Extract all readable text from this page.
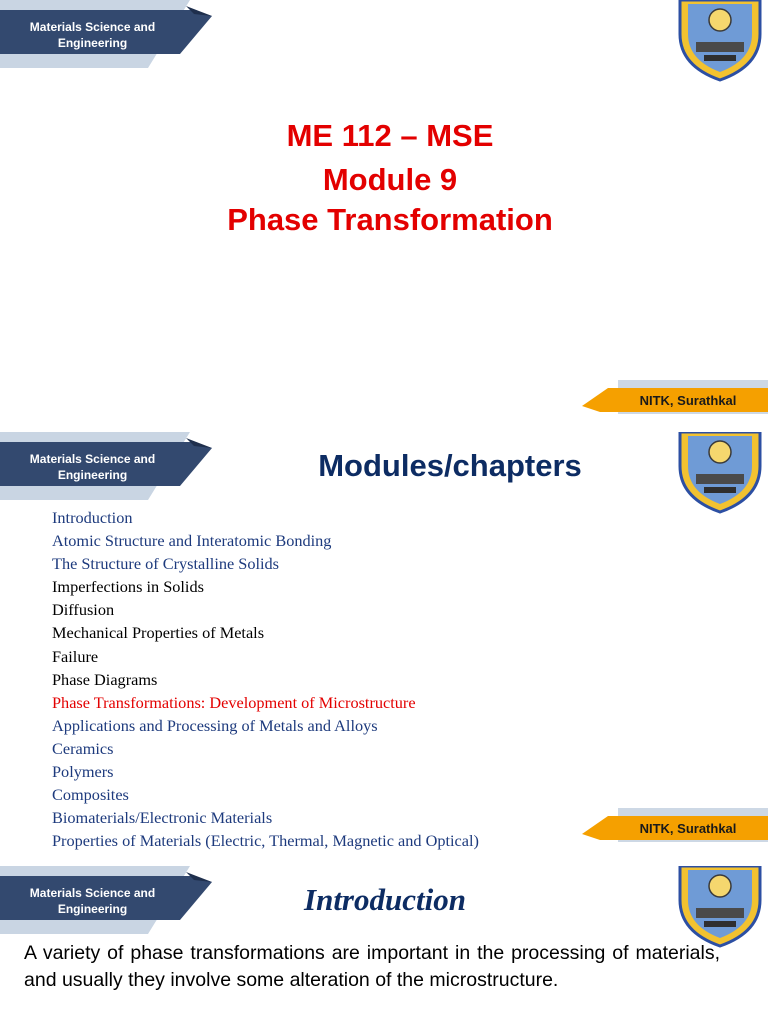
Materials Science and Engineering
ME 112 – MSE
Module 9
Phase Transformation
NITK, Surathkal
Materials Science and Engineering	Modules/chapters
Introduction
Atomic Structure and Interatomic Bonding
The Structure of Crystalline Solids
Imperfections in Solids
Diffusion
Mechanical Properties of Metals
Failure
Phase Diagrams
Phase Transformations: Development of Microstructure
Applications and Processing of Metals and Alloys
Ceramics
Polymers
Composites
Biomaterials/Electronic Materials
Properties of Materials (Electric, Thermal, Magnetic and Optical)
NITK, Surathkal
Materials Science and Engineering	Introduction

A variety of phase transformations are important in the processing of materials, and usually they involve some alteration of the microstructure.
